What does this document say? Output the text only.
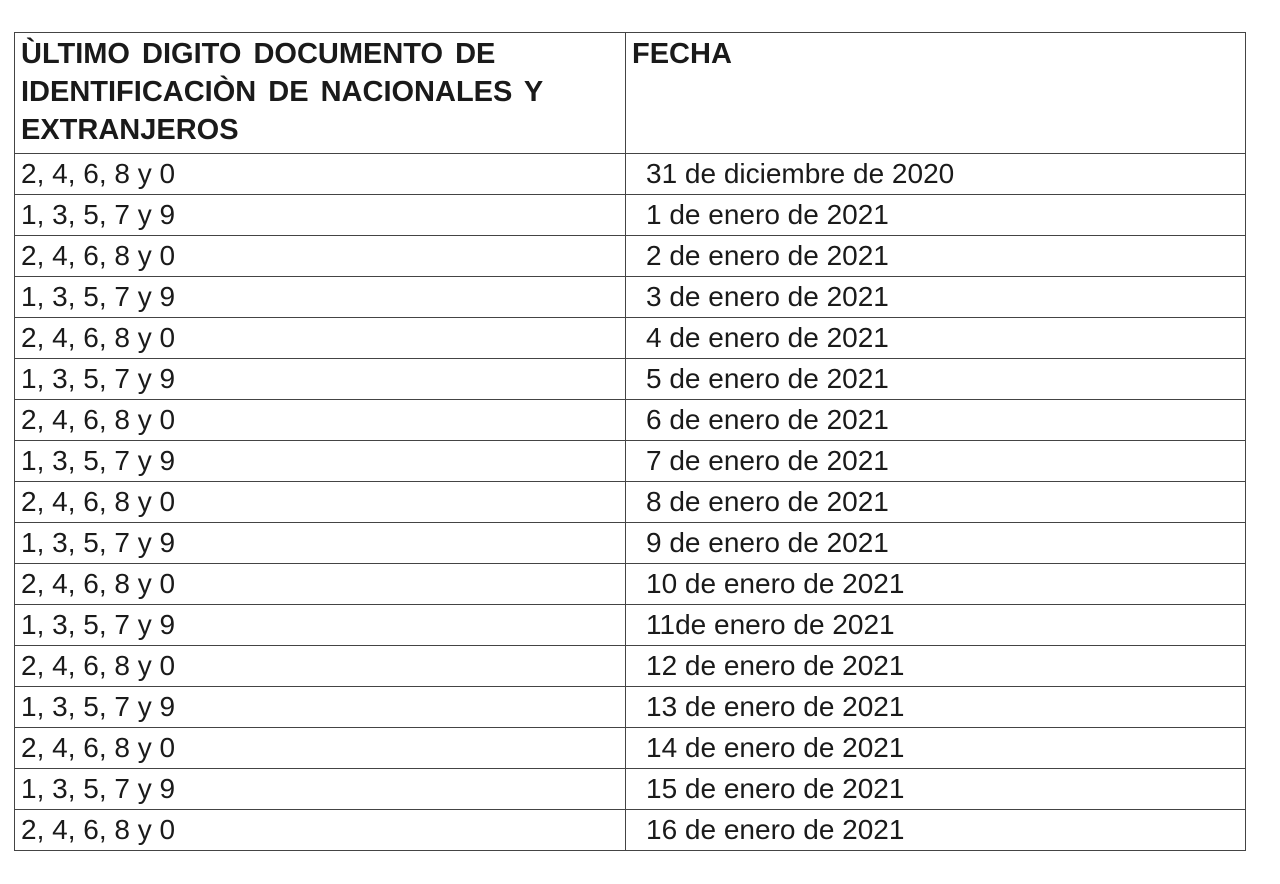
ÙLTIMO DIGITO DOCUMENTO DE IDENTIFICACIÒN DE NACIONALES Y EXTRANJEROS	FECHA
2, 4, 6, 8 y 0	31 de diciembre de 2020
1, 3, 5, 7 y 9	1 de enero de 2021
2, 4, 6, 8 y 0	2 de enero de 2021
1, 3, 5, 7 y 9	3 de enero de 2021
2, 4, 6, 8 y 0	4 de enero de 2021
1, 3, 5, 7 y 9	5 de enero de 2021
2, 4, 6, 8 y 0	6 de enero de 2021
1, 3, 5, 7 y 9	7 de enero de 2021
2, 4, 6, 8 y 0	8 de enero de 2021
1, 3, 5, 7 y 9	9 de enero de 2021
2, 4, 6, 8 y 0	10 de enero de 2021
1, 3, 5, 7 y 9	11de enero de 2021
2, 4, 6, 8 y 0	12 de enero de 2021
1, 3, 5, 7 y 9	13 de enero de 2021
2, 4, 6, 8 y 0	14 de enero de 2021
1, 3, 5, 7 y 9	15 de enero de 2021
2, 4, 6, 8 y 0	16 de enero de 2021
